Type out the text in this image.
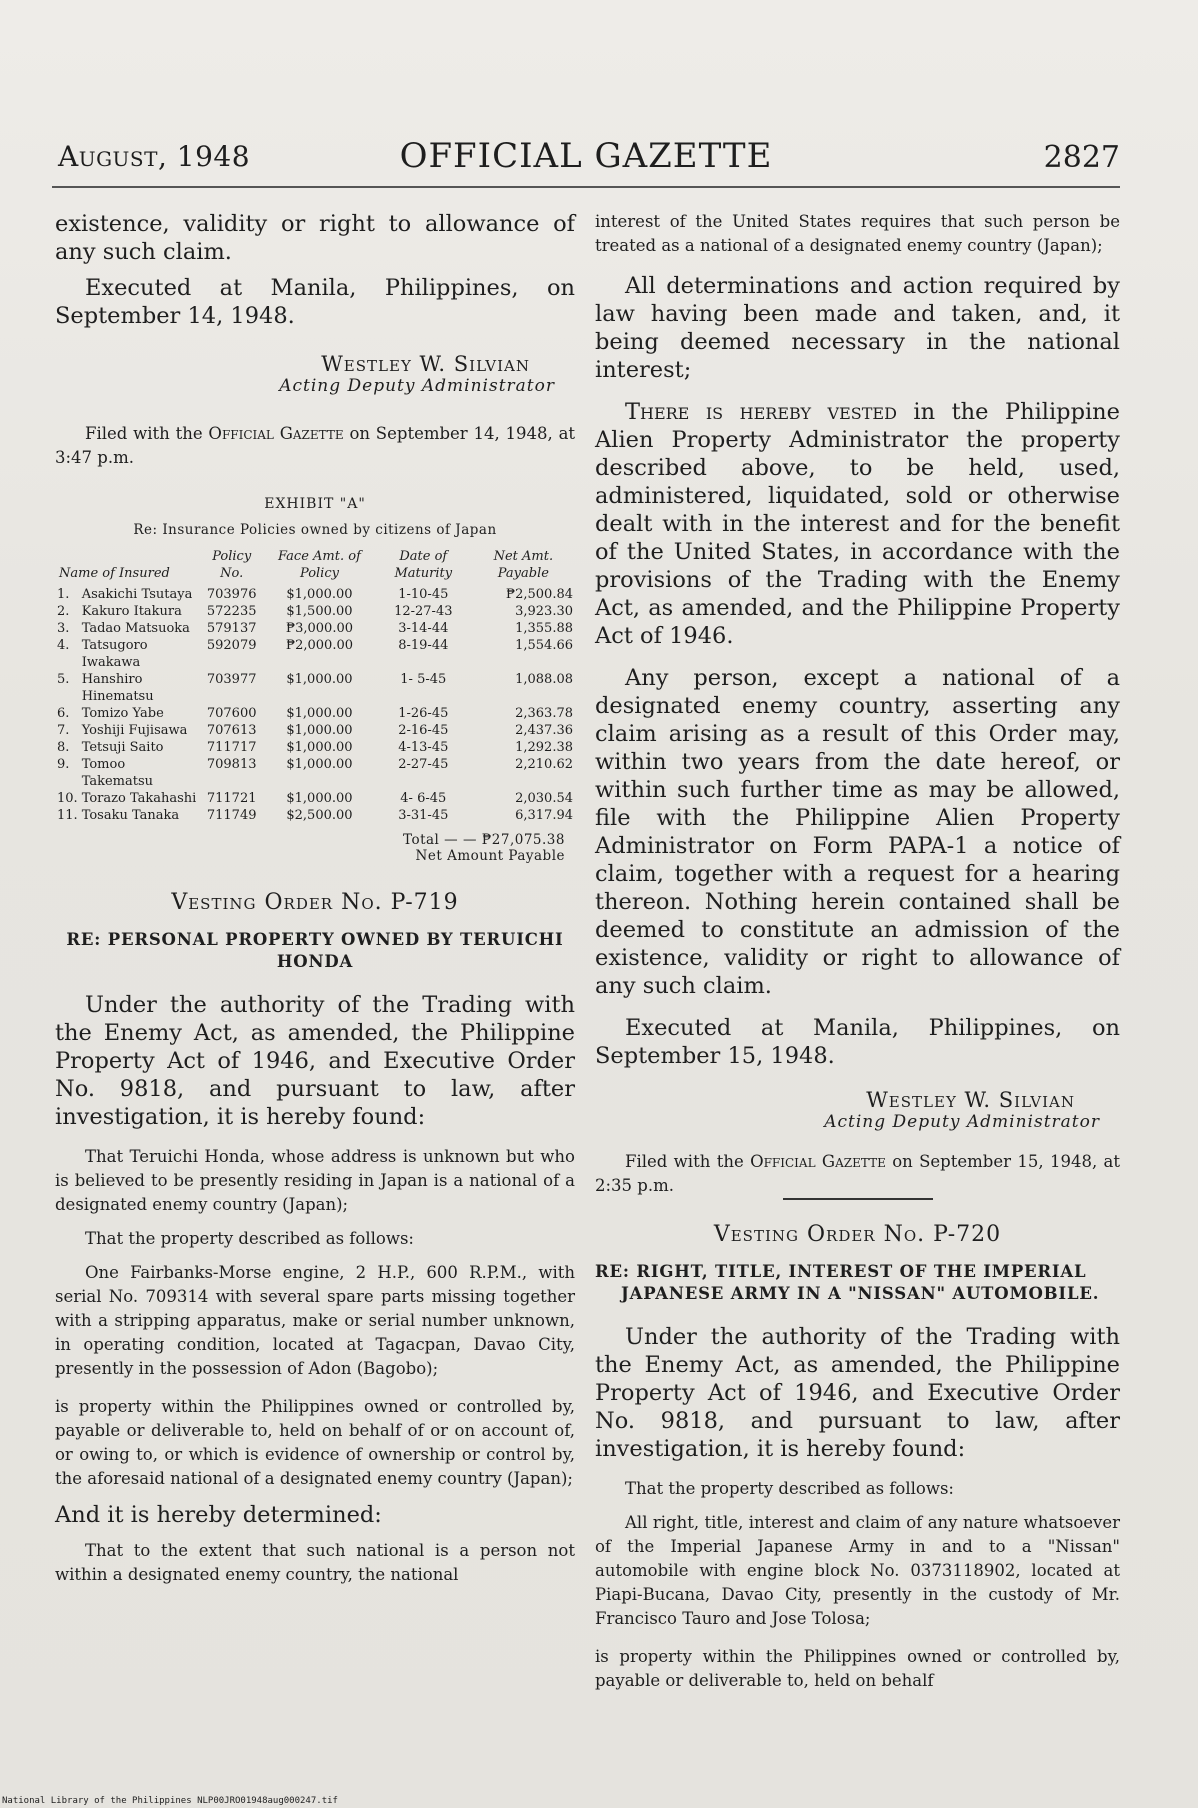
August, 1948	OFFICIAL GAZETTE	2827

existence, validity or right to allowance of any such claim.

Executed at Manila, Philippines, on September 14, 1948.

Westley W. Silvian
Acting Deputy Administrator

Filed with the Official Gazette on September 14, 1948, at 3:47 p.m.

EXHIBIT "A"
Re: Insurance Policies owned by citizens of Japan
Name of Insured		Policy No.	Face Amt. of Policy	Date of Maturity	Net Amt. Payable
1.	Asakichi Tsutaya	703976	$1,000.00	1-10-45	₱2,500.84
2.	Kakuro Itakura	572235	$1,500.00	12-27-43	3,923.30
3.	Tadao Matsuoka	579137	₱3,000.00	3-14-44	1,355.88
4.	Tatsugoro Iwakawa	592079	₱2,000.00	8-19-44	1,554.66
5.	Hanshiro Hinematsu	703977	$1,000.00	1- 5-45	1,088.08
6.	Tomizo Yabe	707600	$1,000.00	1-26-45	2,363.78
7.	Yoshiji Fujisawa	707613	$1,000.00	2-16-45	2,437.36
8.	Tetsuji Saito	711717	$1,000.00	4-13-45	1,292.38
9.	Tomoo Takematsu	709813	$1,000.00	2-27-45	2,210.62
10.	Torazo Takahashi	711721	$1,000.00	4- 6-45	2,030.54
11.	Tosaku Tanaka	711749	$2,500.00	3-31-45	6,317.94
Total — — ₱27,075.38
Net Amount Payable
Vesting Order No. P-719
RE: PERSONAL PROPERTY OWNED BY TERUICHI HONDA

Under the authority of the Trading with the Enemy Act, as amended, the Philippine Property Act of 1946, and Executive Order No. 9818, and pursuant to law, after investigation, it is hereby found:

That Teruichi Honda, whose address is unknown but who is believed to be presently residing in Japan is a national of a designated enemy country (Japan);

That the property described as follows:

One Fairbanks-Morse engine, 2 H.P., 600 R.P.M., with serial No. 709314 with several spare parts missing together with a stripping apparatus, make or serial number unknown, in operating condition, located at Tagacpan, Davao City, presently in the possession of Adon (Bagobo);

is property within the Philippines owned or controlled by, payable or deliverable to, held on behalf of or on account of, or owing to, or which is evidence of ownership or control by, the aforesaid national of a designated enemy country (Japan);

And it is hereby determined:

That to the extent that such national is a person not within a designated enemy country, the national

interest of the United States requires that such person be treated as a national of a designated enemy country (Japan);

All determinations and action required by law having been made and taken, and, it being deemed necessary in the national interest;

There is hereby vested in the Philippine Alien Property Administrator the property described above, to be held, used, administered, liquidated, sold or otherwise dealt with in the interest and for the benefit of the United States, in accordance with the provisions of the Trading with the Enemy Act, as amended, and the Philippine Property Act of 1946.

Any person, except a national of a designated enemy country, asserting any claim arising as a result of this Order may, within two years from the date hereof, or within such further time as may be allowed, file with the Philippine Alien Property Administrator on Form PAPA-1 a notice of claim, together with a request for a hearing thereon. Nothing herein contained shall be deemed to constitute an admission of the existence, validity or right to allowance of any such claim.

Executed at Manila, Philippines, on September 15, 1948.

Westley W. Silvian
Acting Deputy Administrator

Filed with the Official Gazette on September 15, 1948, at 2:35 p.m.

Vesting Order No. P-720
RE: RIGHT, TITLE, INTEREST OF THE IMPERIAL JAPANESE ARMY IN A "NISSAN" AUTOMOBILE.

Under the authority of the Trading with the Enemy Act, as amended, the Philippine Property Act of 1946, and Executive Order No. 9818, and pursuant to law, after investigation, it is hereby found:

That the property described as follows:

All right, title, interest and claim of any nature whatsoever of the Imperial Japanese Army in and to a "Nissan" automobile with engine block No. 0373118902, located at Piapi-Bucana, Davao City, presently in the custody of Mr. Francisco Tauro and Jose Tolosa;

is property within the Philippines owned or controlled by, payable or deliverable to, held on behalf

National Library of the Philippines NLP00JRO01948aug000247.tif
